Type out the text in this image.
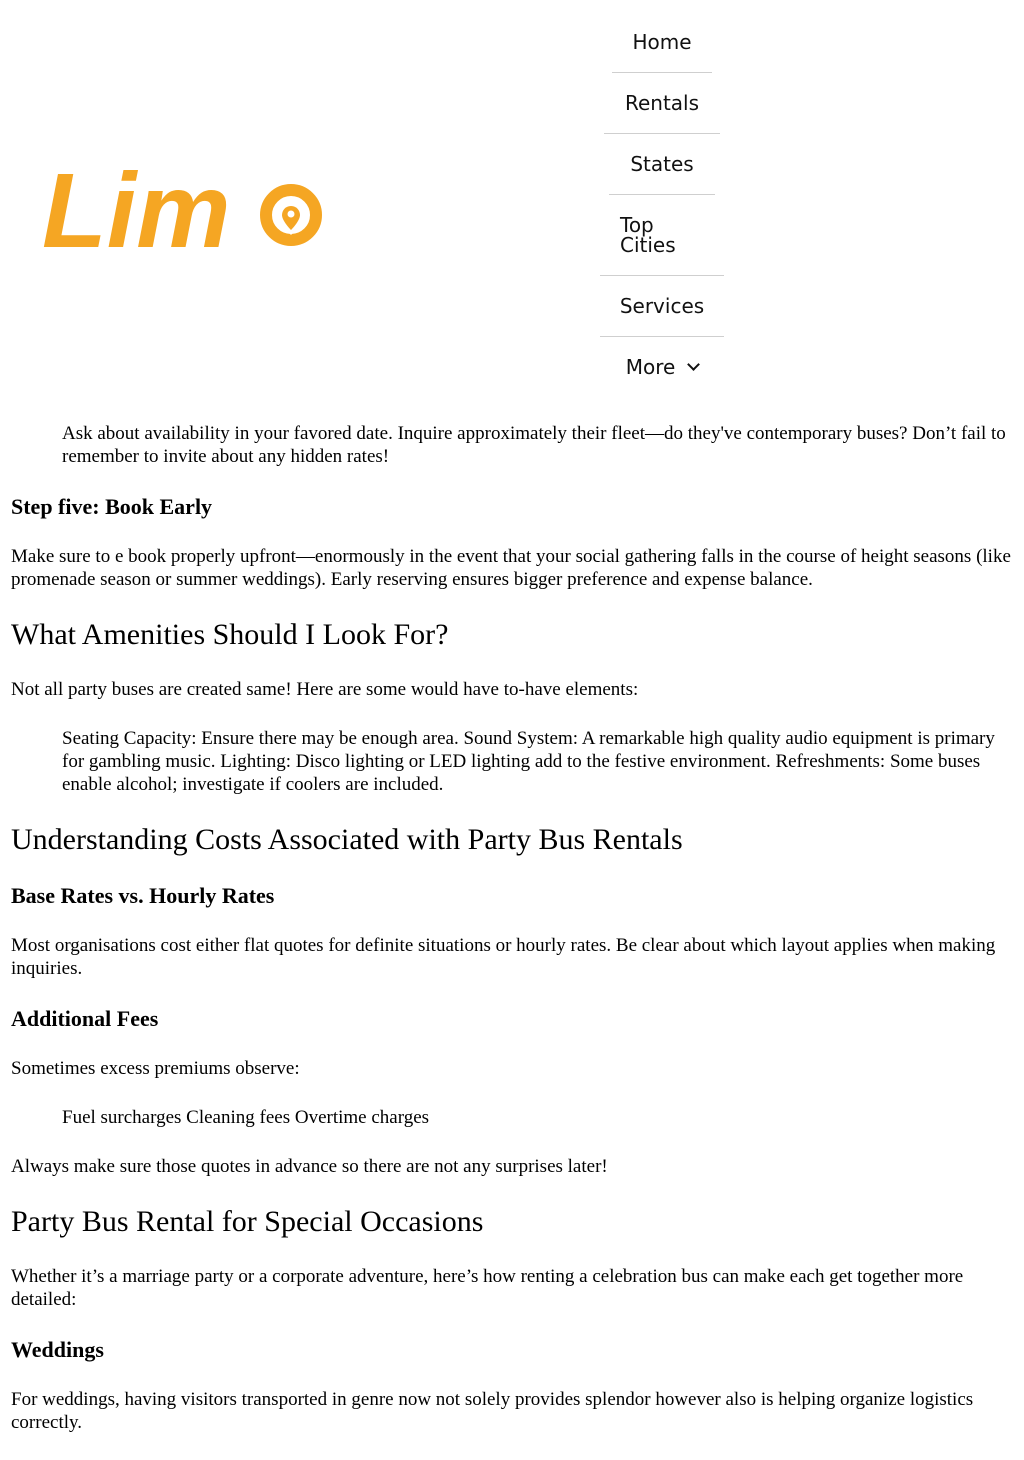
Lim
Home
Rentals
States
Top
Cities
Services
More
Ask about availability in your favored date. Inquire approximately their fleet—do they've contemporary buses? Don’t fail to remember to invite about any hidden rates!
Step five: Book Early

Make sure to e book properly upfront—enormously in the event that your social gathering falls in the course of height seasons (like promenade season or summer weddings). Early reserving ensures bigger preference and expense balance.

What Amenities Should I Look For?

Not all party buses are created same! Here are some would have to-have elements:

Seating Capacity: Ensure there may be enough area. Sound System: A remarkable high quality audio equipment is primary for gambling music. Lighting: Disco lighting or LED lighting add to the festive environment. Refreshments: Some buses enable alcohol; investigate if coolers are included.
Understanding Costs Associated with Party Bus Rentals
Base Rates vs. Hourly Rates

Most organisations cost either flat quotes for definite situations or hourly rates. Be clear about which layout applies when making inquiries.

Additional Fees

Sometimes excess premiums observe:

Fuel surcharges Cleaning fees Overtime charges

Always make sure those quotes in advance so there are not any surprises later!

Party Bus Rental for Special Occasions

Whether it’s a marriage party or a corporate adventure, here’s how renting a celebration bus can make each get together more detailed:

Weddings

For weddings, having visitors transported in genre now not solely provides splendor however also is helping organize logistics correctly.
